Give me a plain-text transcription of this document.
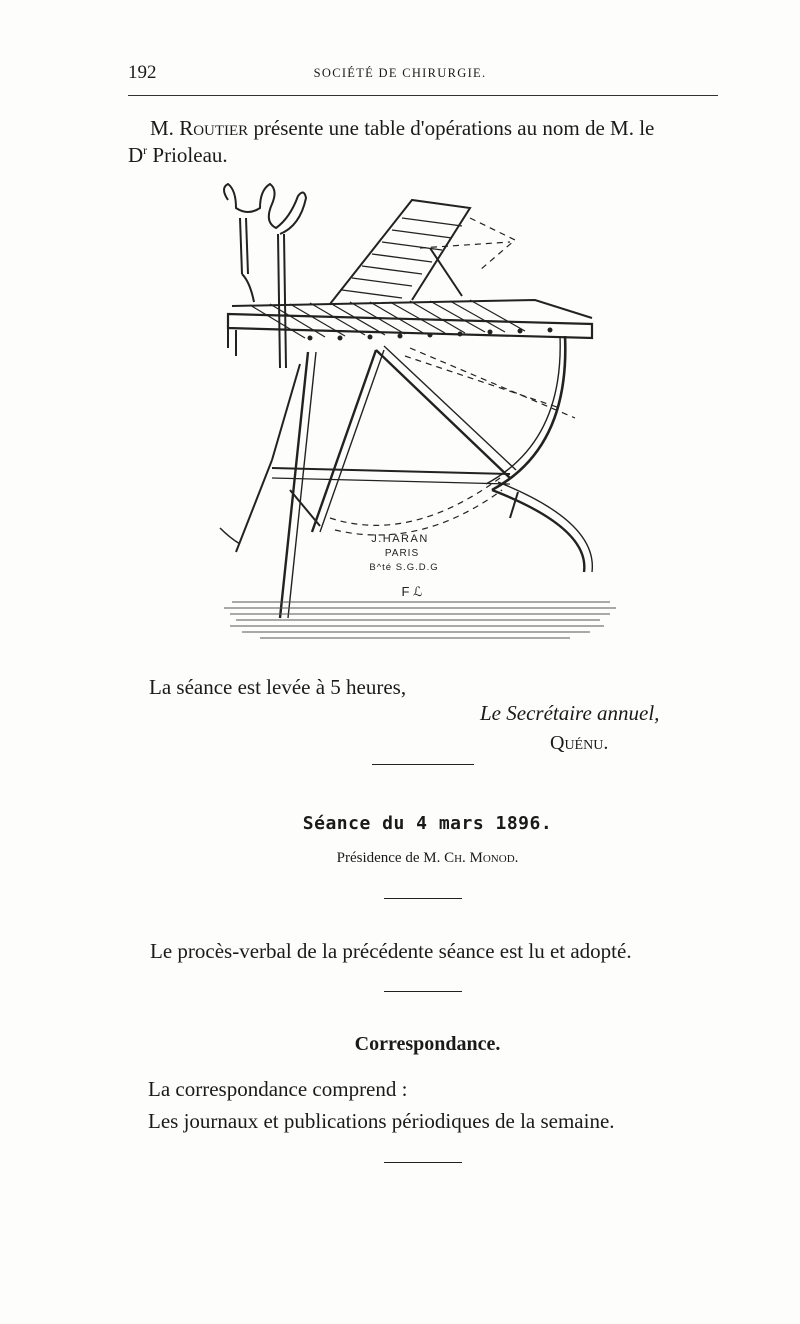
192	SOCIÉTÉ DE CHIRURGIE.
M. Routier présente une table d'opérations au nom de M. le
$D^r$ Prioleau.
J.HARAN
PARIS
B^té S.G.D.G
F ℒ
La séance est levée à 5 heures,
Le Secrétaire annuel,
Quénu.
Séance du 4 mars 1896.
Présidence de M. Ch. Monod.
Le procès-verbal de la précédente séance est lu et adopté.
Correspondance.
La correspondance comprend :
Les journaux et publications périodiques de la semaine.
